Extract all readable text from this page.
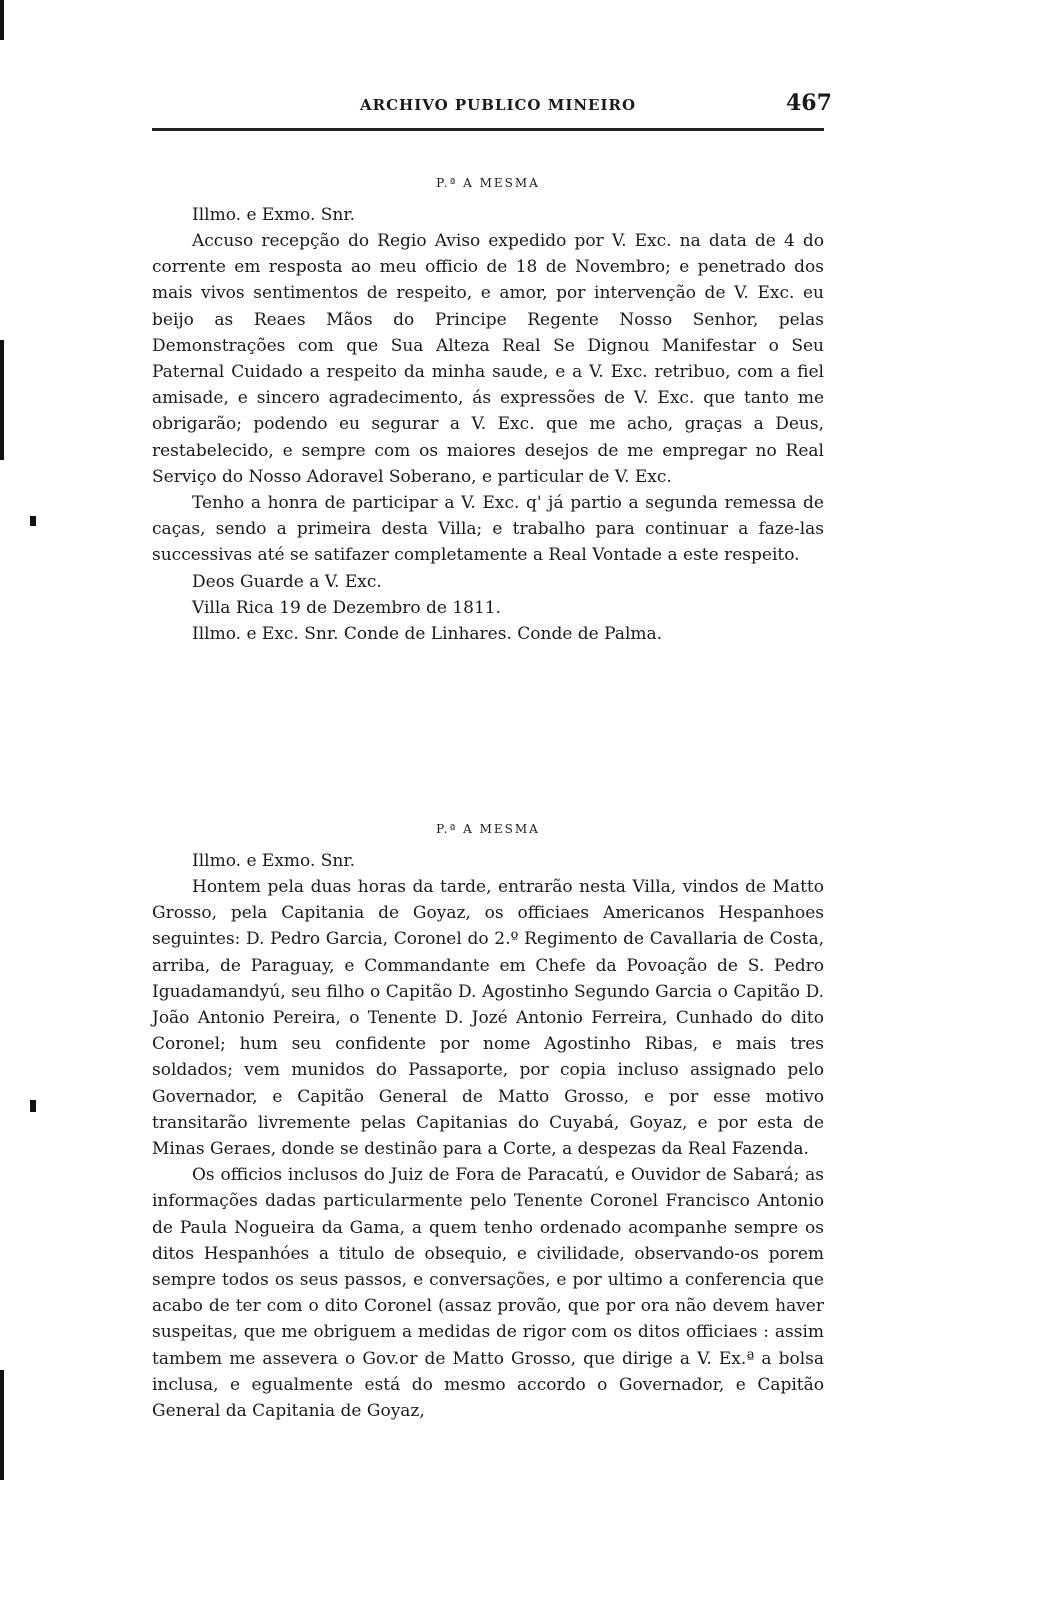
ARCHIVO PUBLICO MINEIRO	467
P.ª A MESMA

Illmo. e Exmo. Snr.

Accuso recepção do Regio Aviso expedido por V. Exc. na data de 4 do corrente em resposta ao meu officio de 18 de Novembro; e penetrado dos mais vivos sentimentos de respeito, e amor, por intervenção de V. Exc. eu beijo as Reaes Mãos do Principe Regente Nosso Senhor, pelas Demonstrações com que Sua Alteza Real Se Dignou Manifestar o Seu Paternal Cuidado a respeito da minha saude, e a V. Exc. retribuo, com a fiel amisade, e sincero agradecimento, ás expressões de V. Exc. que tanto me obrigarão; podendo eu segurar a V. Exc. que me acho, graças a Deus, restabelecido, e sempre com os maiores desejos de me empregar no Real Serviço do Nosso Adoravel Soberano, e particular de V. Exc.

Tenho a honra de participar a V. Exc. q' já partio a segunda remessa de caças, sendo a primeira desta Villa; e trabalho para continuar a faze-las successivas até se satifazer completamente a Real Vontade a este respeito.

Deos Guarde a V. Exc.

Villa Rica 19 de Dezembro de 1811.

Illmo. e Exc. Snr. Conde de Linhares. Conde de Palma.

P.ª A MESMA

Illmo. e Exmo. Snr.

Hontem pela duas horas da tarde, entrarão nesta Villa, vindos de Matto Grosso, pela Capitania de Goyaz, os officiaes Americanos Hespanhoes seguintes: D. Pedro Garcia, Coronel do 2.º Regimento de Cavallaria de Costa, arriba, de Paraguay, e Commandante em Chefe da Povoação de S. Pedro Iguadamandyú, seu filho o Capitão D. Agostinho Segundo Garcia o Capitão D. João Antonio Pereira, o Tenente D. Jozé Antonio Ferreira, Cunhado do dito Coronel; hum seu confidente por nome Agostinho Ribas, e mais tres soldados; vem munidos do Passaporte, por copia incluso assignado pelo Governador, e Capitão General de Matto Grosso, e por esse motivo transitarão livremente pelas Capitanias do Cuyabá, Goyaz, e por esta de Minas Geraes, donde se destinão para a Corte, a despezas da Real Fazenda.

Os officios inclusos do Juiz de Fora de Paracatú, e Ouvidor de Sabará; as informações dadas particularmente pelo Tenente Coronel Francisco Antonio de Paula Nogueira da Gama, a quem tenho ordenado acompanhe sempre os ditos Hespanhóes a titulo de obsequio, e civilidade, observando-os porem sempre todos os seus passos, e conversações, e por ultimo a conferencia que acabo de ter com o dito Coronel (assaz provão, que por ora não devem haver suspeitas, que me obriguem a medidas de rigor com os ditos officiaes : assim tambem me assevera o Gov.or de Matto Grosso, que dirige a V. Ex.ª a bolsa inclusa, e egualmente está do mesmo accordo o Governador, e Capitão General da Capitania de Goyaz,
